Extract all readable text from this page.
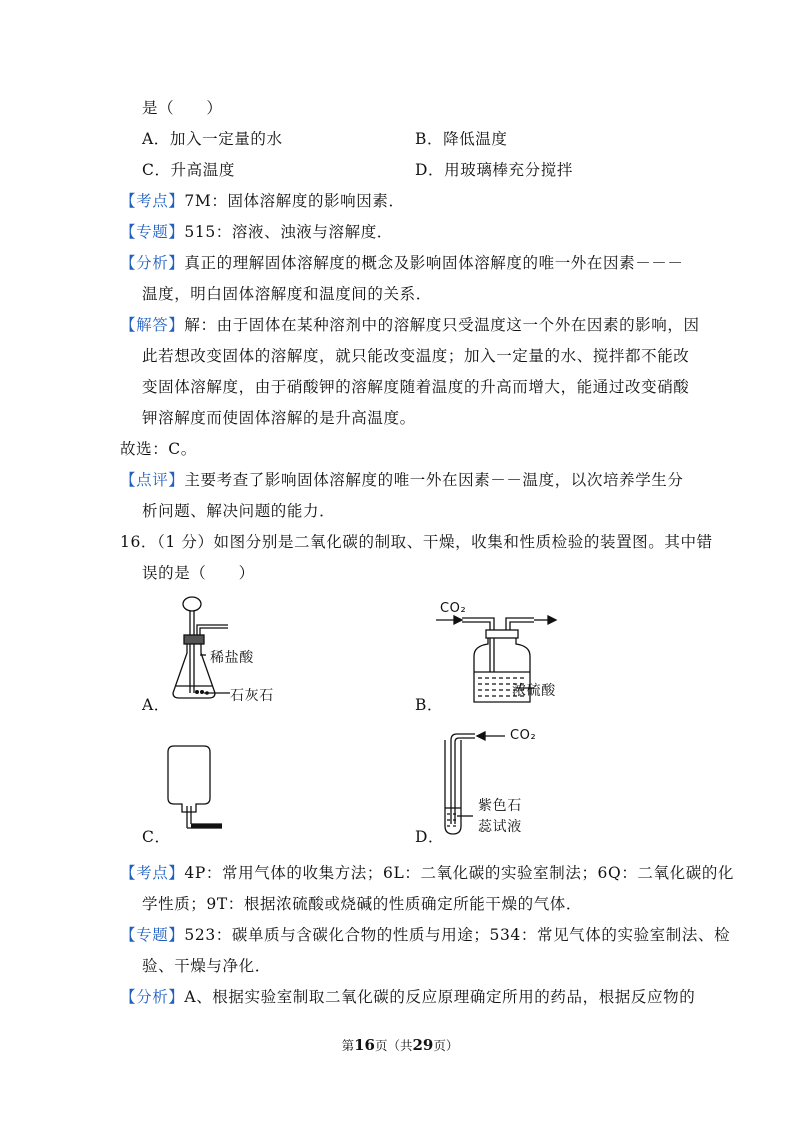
是（　　）
A．加入一定量的水	B．降低温度
C．升高温度	D．用玻璃棒充分搅拌
【考点】7M：固体溶解度的影响因素．
【专题】515：溶液、浊液与溶解度．
【分析】真正的理解固体溶解度的概念及影响固体溶解度的唯一外在因素－－－
温度，明白固体溶解度和温度间的关系．
【解答】解：由于固体在某种溶剂中的溶解度只受温度这一个外在因素的影响，因
此若想改变固体的溶解度，就只能改变温度；加入一定量的水、搅拌都不能改
变固体溶解度，由于硝酸钾的溶解度随着温度的升高而增大，能通过改变硝酸
钾溶解度而使固体溶解的是升高温度。
故选：C。
【点评】主要考查了影响固体溶解度的唯一外在因素－－温度，以次培养学生分
析问题、解决问题的能力．
16．（1 分）如图分别是二氧化碳的制取、干燥，收集和性质检验的装置图。其中错
误的是（　　）
A．
稀盐酸
石灰石	B．
CO₂
浓硫酸
C．	D．
CO₂
紫色石
蕊试液
【考点】4P：常用气体的收集方法；6L：二氧化碳的实验室制法；6Q：二氧化碳的化
学性质；9T：根据浓硫酸或烧碱的性质确定所能干燥的气体．
【专题】523：碳单质与含碳化合物的性质与用途；534：常见气体的实验室制法、检
验、干燥与净化．
【分析】A、根据实验室制取二氧化碳的反应原理确定所用的药品，根据反应物的
第16页（共29页）
